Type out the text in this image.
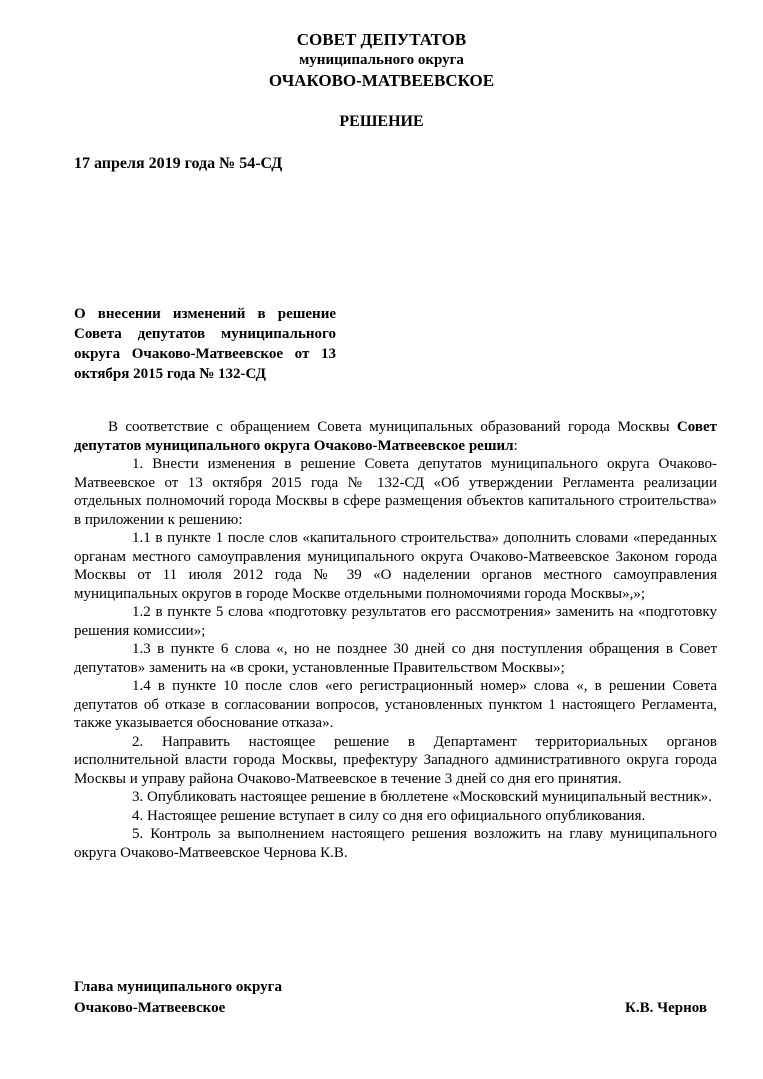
СОВЕТ ДЕПУТАТОВ

муниципального округа

ОЧАКОВО-МАТВЕЕВСКОЕ

РЕШЕНИЕ

17 апреля 2019 года № 54-СД

О внесении изменений в решение Совета депутатов муниципального округа Очаково-Матвеевское от 13 октября 2015 года № 132-СД

В соответствие с обращением Совета муниципальных образований города Москвы Совет депутатов муниципального округа Очаково-Матвеевское решил:

1. Внести изменения в решение Совета депутатов муниципального округа Очаково-Матвеевское от 13 октября 2015 года № 132-СД «Об утверждении Регламента реализации отдельных полномочий города Москвы в сфере размещения объектов капитального строительства» в приложении к решению:

1.1 в пункте 1 после слов «капитального строительства» дополнить словами «переданных органам местного самоуправления муниципального округа Очаково-Матвеевское Законом города Москвы от 11 июля 2012 года № 39 «О наделении органов местного самоуправления муниципальных округов в городе Москве отдельными полномочиями города Москвы»,»;

1.2 в пункте 5 слова «подготовку результатов его рассмотрения» заменить на «подготовку решения комиссии»;

1.3 в пункте 6 слова «, но не позднее 30 дней со дня поступления обращения в Совет депутатов» заменить на «в сроки, установленные Правительством Москвы»;

1.4 в пункте 10 после слов «его регистрационный номер» слова «, в решении Совета депутатов об отказе в согласовании вопросов, установленных пунктом 1 настоящего Регламента, также указывается обоснование отказа».

2. Направить настоящее решение в Департамент территориальных органов исполнительной власти города Москвы, префектуру Западного административного округа города Москвы и управу района Очаково-Матвеевское в течение 3 дней со дня его принятия.

3. Опубликовать настоящее решение в бюллетене «Московский муниципальный вестник».

4. Настоящее решение вступает в силу со дня его официального опубликования.

5. Контроль за выполнением настоящего решения возложить на главу муниципального округа Очаково-Матвеевское Чернова К.В.

Глава муниципального округа
Очаково-Матвеевское	К.В. Чернов
